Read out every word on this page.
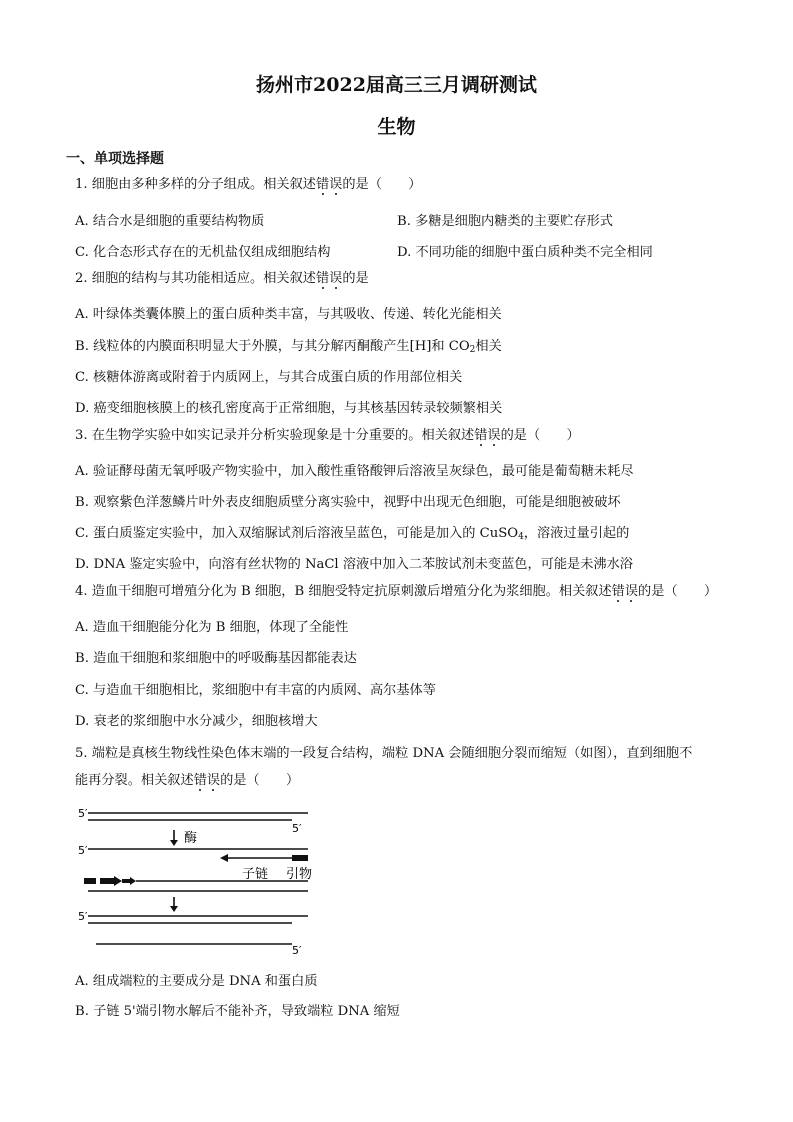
扬州市2022届高三三月调研测试
生物
一、单项选择题
1. 细胞由多种多样的分子组成。相关叙述错误的是（　　）
A. 结合水是细胞的重要结构物质	B. 多糖是细胞内糖类的主要贮存形式
C. 化合态形式存在的无机盐仅组成细胞结构	D. 不同功能的细胞中蛋白质种类不完全相同
2. 细胞的结构与其功能相适应。相关叙述错误的是
A. 叶绿体类囊体膜上的蛋白质种类丰富，与其吸收、传递、转化光能相关
B. 线粒体的内膜面积明显大于外膜，与其分解丙酮酸产生[H]和 $CO_2$相关
C. 核糖体游离或附着于内质网上，与其合成蛋白质的作用部位相关
D. 癌变细胞核膜上的核孔密度高于正常细胞，与其核基因转录较频繁相关
3. 在生物学实验中如实记录并分析实验现象是十分重要的。相关叙述错误的是（　　）
A. 验证酵母菌无氧呼吸产物实验中，加入酸性重铬酸钾后溶液呈灰绿色，最可能是葡萄糖未耗尽
B. 观察紫色洋葱鳞片叶外表皮细胞质壁分离实验中，视野中出现无色细胞，可能是细胞被破坏
C. 蛋白质鉴定实验中，加入双缩脲试剂后溶液呈蓝色，可能是加入的 CuSO$_4$，溶液过量引起的
D. DNA 鉴定实验中，向溶有丝状物的 NaCl 溶液中加入二苯胺试剂未变蓝色，可能是未沸水浴
4. 造血干细胞可增殖分化为 B 细胞，B 细胞受特定抗原刺激后增殖分化为浆细胞。相关叙述错误的是（　　）
A. 造血干细胞能分化为 B 细胞，体现了全能性
B. 造血干细胞和浆细胞中的呼吸酶基因都能表达
C. 与造血干细胞相比，浆细胞中有丰富的内质网、高尔基体等
D. 衰老的浆细胞中水分减少，细胞核增大
5. 端粒是真核生物线性染色体末端的一段复合结构，端粒 DNA 会随细胞分裂而缩短（如图），直到细胞不
能再分裂。相关叙述错误的是（　　）
5′
5′
5′
5′
5′
酶
子链 引物
A. 组成端粒的主要成分是 DNA 和蛋白质
B. 子链 5'端引物水解后不能补齐，导致端粒 DNA 缩短
